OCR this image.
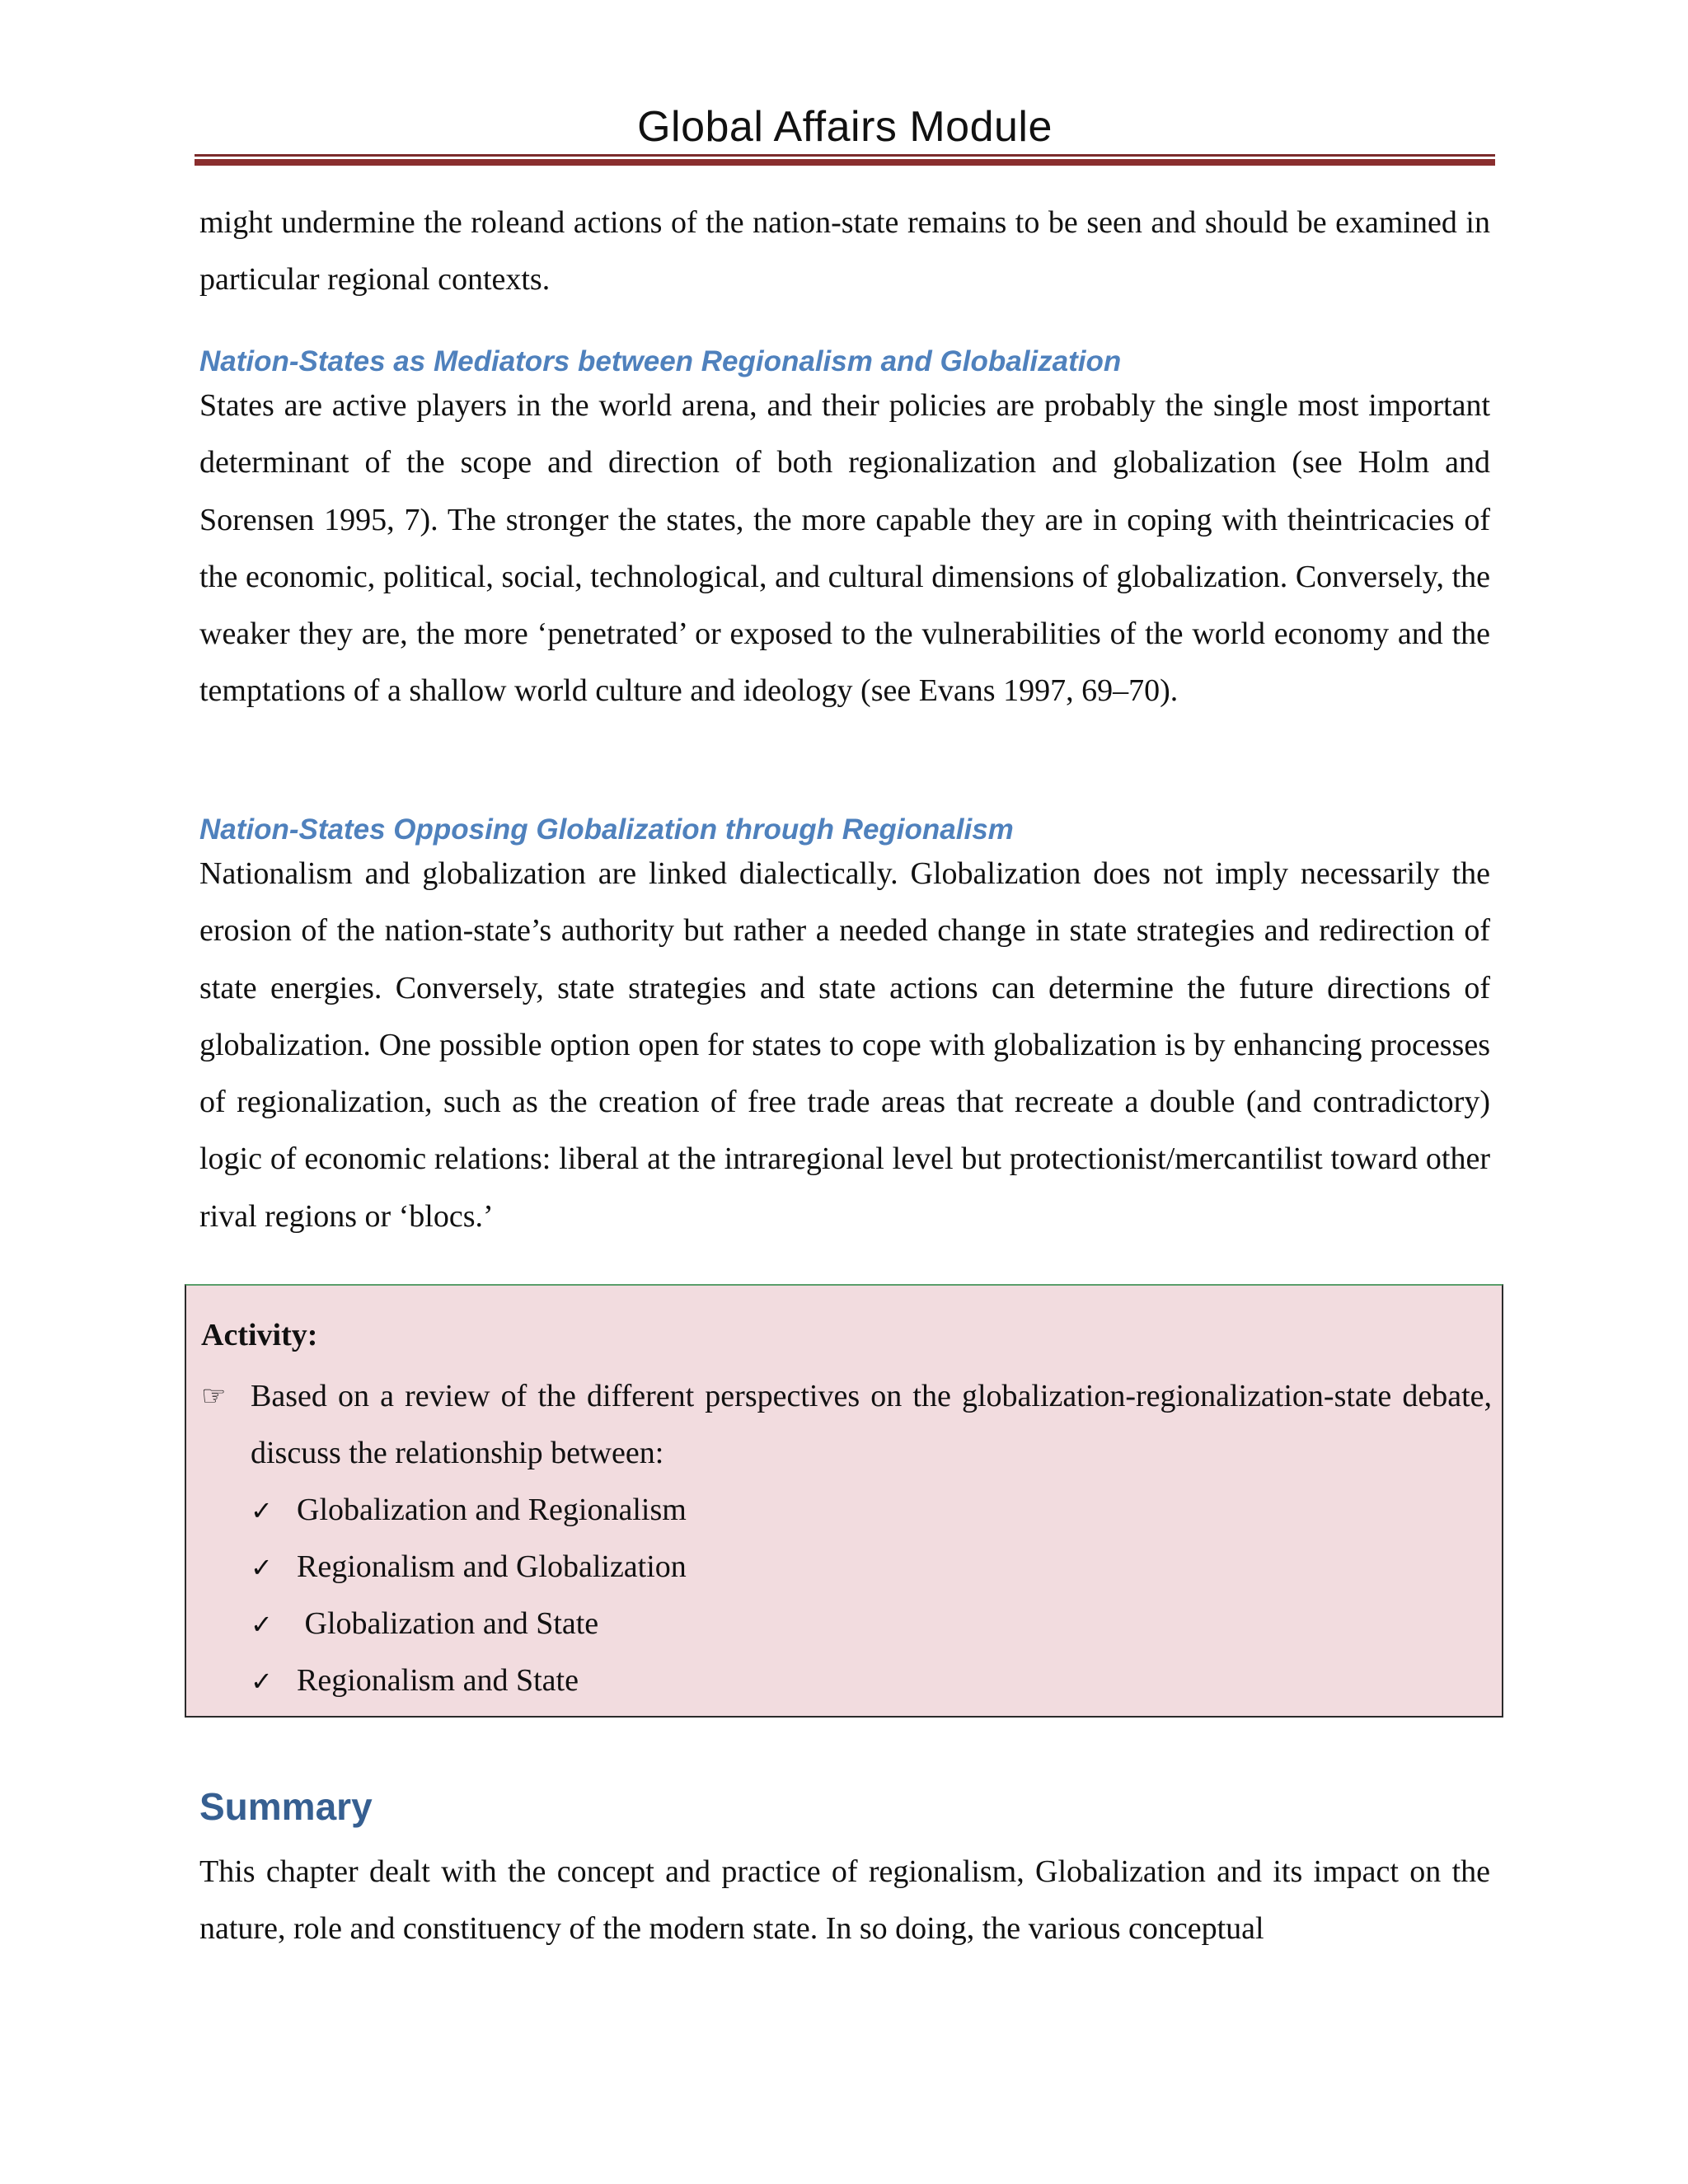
Global Affairs Module

might undermine the roleand actions of the nation-state remains to be seen and should be examined in particular regional contexts.

Nation-States as Mediators between Regionalism and Globalization

States are active players in the world arena, and their policies are probably the single most important determinant of the scope and direction of both regionalization and globalization (see Holm and Sorensen 1995, 7). The stronger the states, the more capable they are in coping with theintricacies of the economic, political, social, technological, and cultural dimensions of globalization. Conversely, the weaker they are, the more ‘penetrated’ or exposed to the vulnerabilities of the world economy and the temptations of a shallow world culture and ideology (see Evans 1997, 69–70).

Nation-States Opposing Globalization through Regionalism

Nationalism and globalization are linked dialectically. Globalization does not imply necessarily the erosion of the nation-state’s authority but rather a needed change in state strategies and redirection of state energies. Conversely, state strategies and state actions can determine the future directions of globalization. One possible option open for states to cope with globalization is by enhancing processes of regionalization, such as the creation of free trade areas that recreate a double (and contradictory) logic of economic relations: liberal at the intraregional level but protectionist/mercantilist toward other rival regions or ‘blocs.’

Activity:

☞ Based on a review of the different perspectives on the globalization-regionalization-state debate, discuss the relationship between:

✓ Globalization and Regionalism
✓ Regionalism and Globalization
✓ Globalization and State
✓ Regionalism and State
Summary

This chapter dealt with the concept and practice of regionalism, Globalization and its impact on the nature, role and constituency of the modern state. In so doing, the various conceptual
